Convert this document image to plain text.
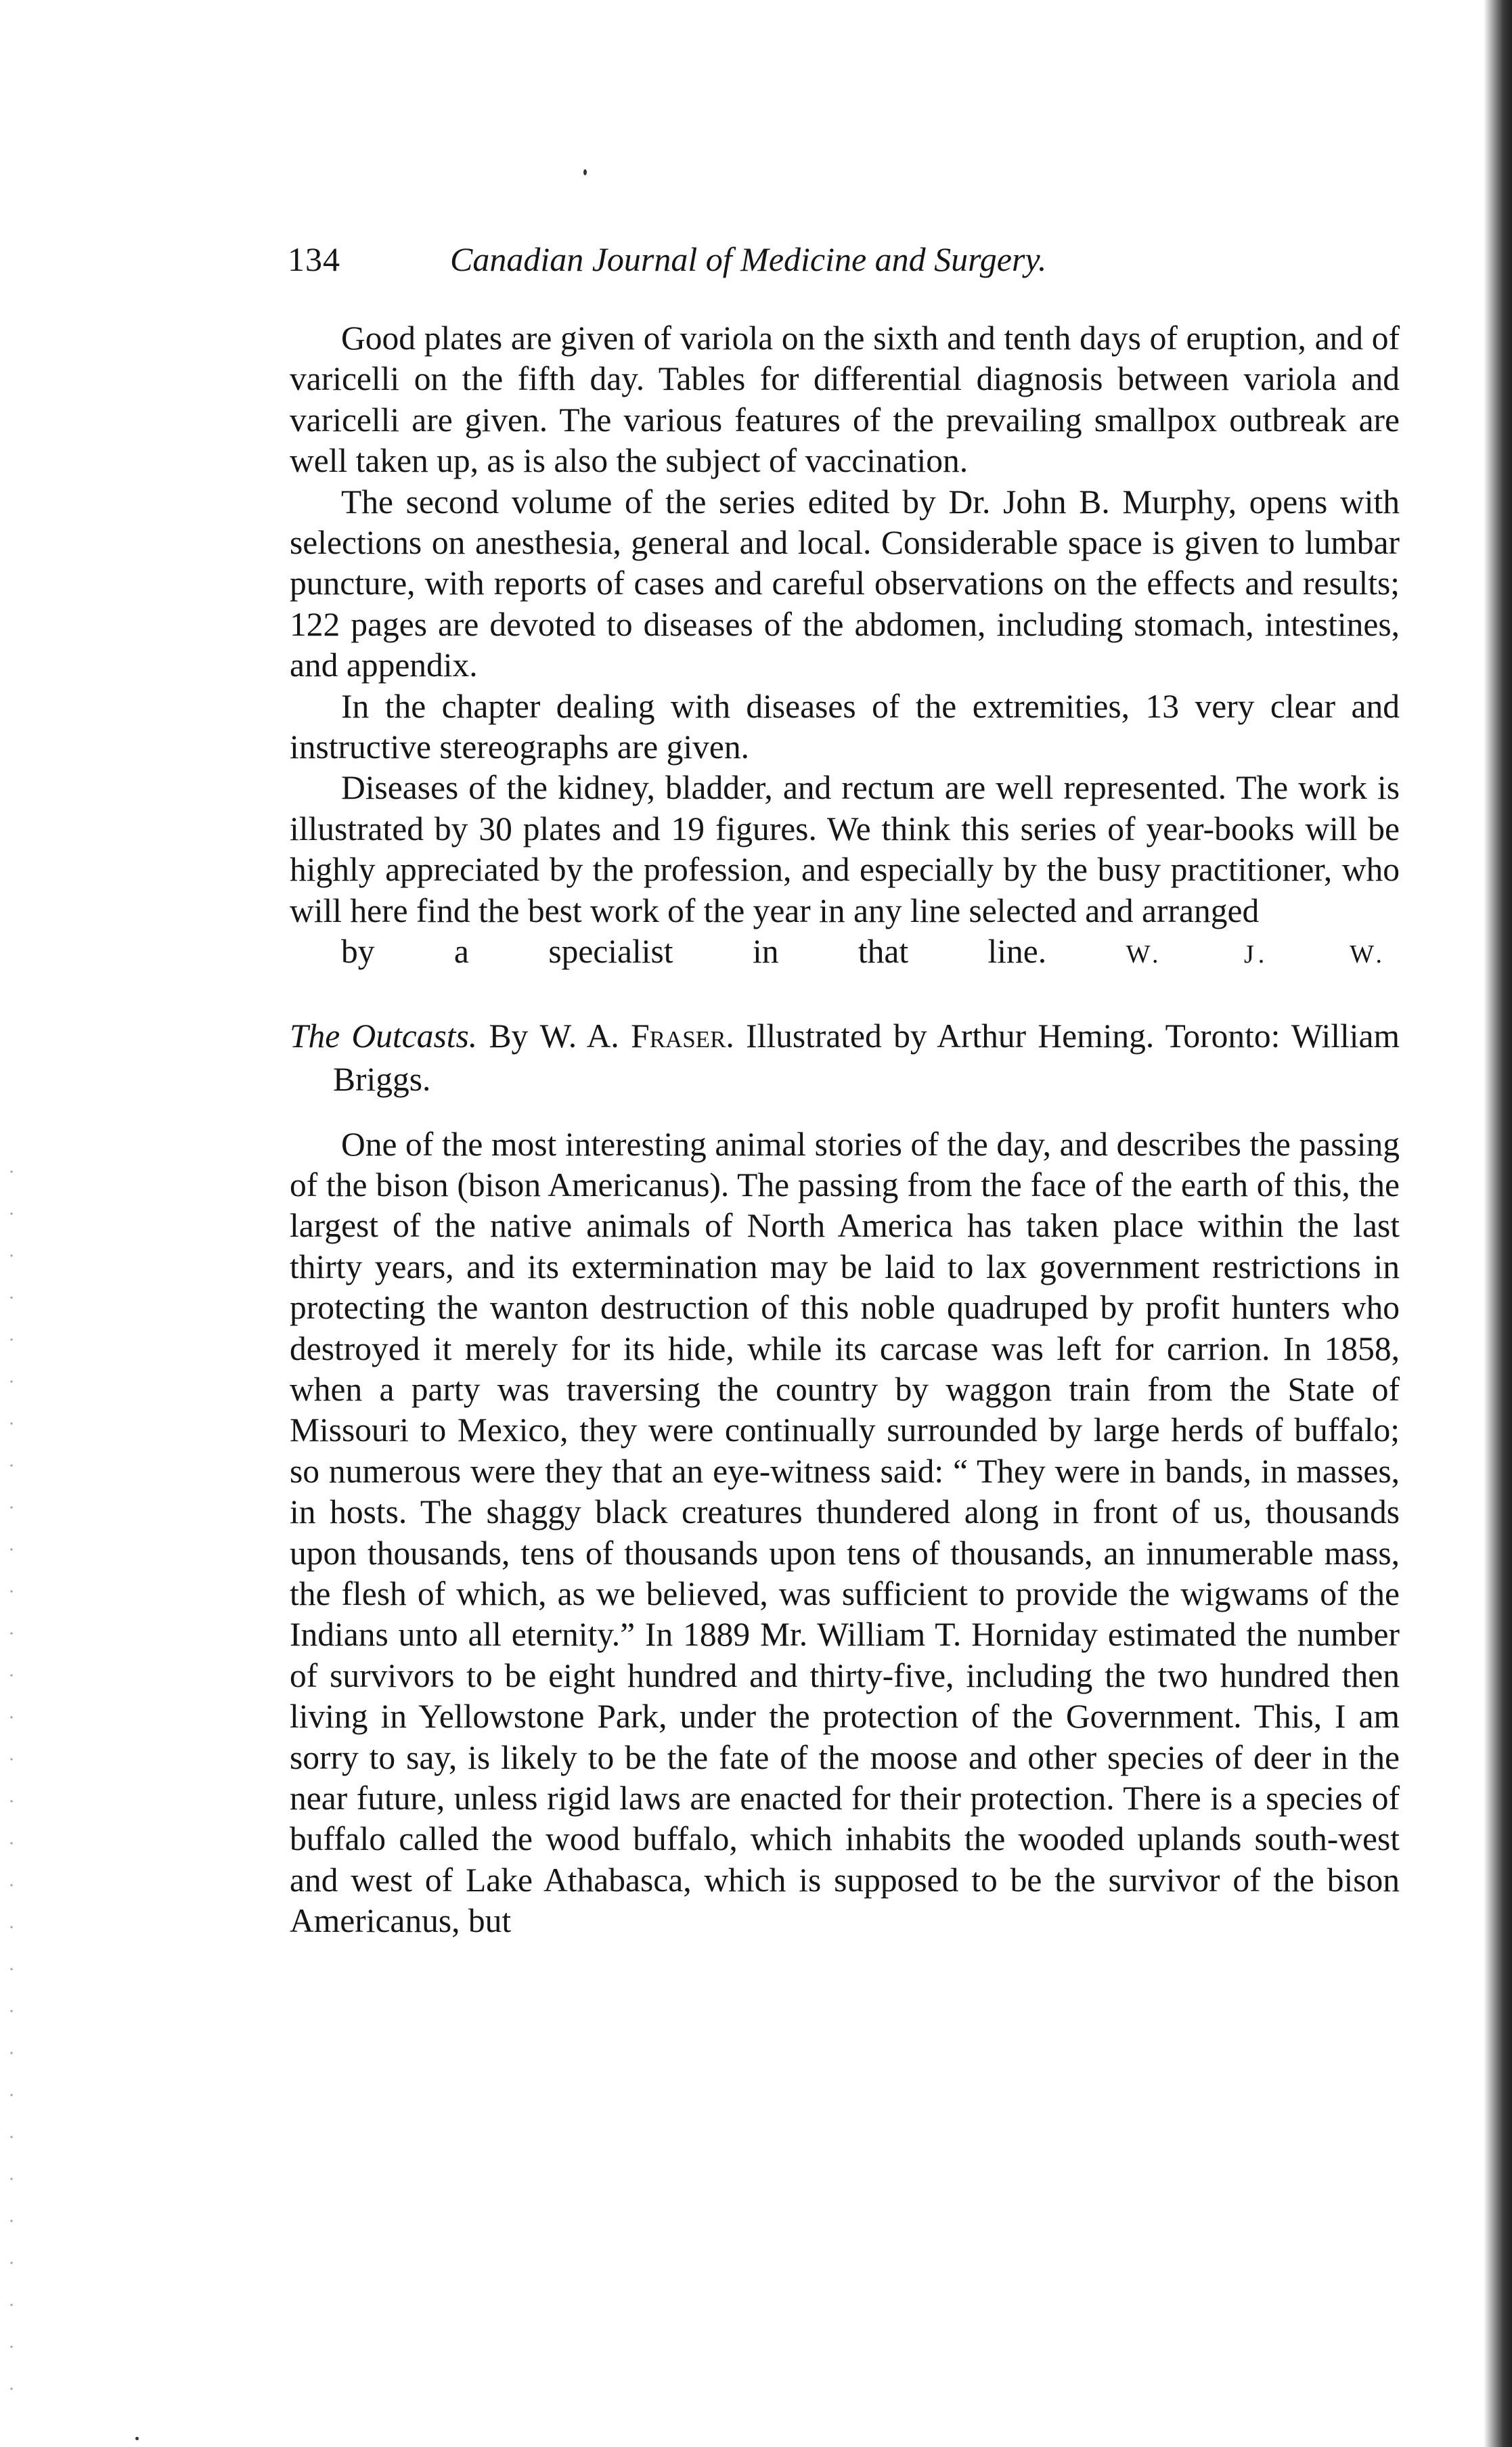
134	Canadian Journal of Medicine and Surgery.

Good plates are given of variola on the sixth and tenth days of eruption, and of varicelli on the fifth day. Tables for differential diagnosis between variola and varicelli are given. The various features of the prevailing smallpox outbreak are well taken up, as is also the subject of vaccination.

The second volume of the series edited by Dr. John B. Murphy, opens with selections on anesthesia, general and local. Considerable space is given to lumbar puncture, with reports of cases and careful observations on the effects and results; 122 pages are devoted to diseases of the abdomen, including stomach, intestines, and appendix.

In the chapter dealing with diseases of the extremities, 13 very clear and instructive stereographs are given.

Diseases of the kidney, bladder, and rectum are well represented. The work is illustrated by 30 plates and 19 figures. We think this series of year-books will be highly appreciated by the profession, and especially by the busy practitioner, who will here find the best work of the year in any line selected and arranged
by a specialist in that line.	W. J. W.

The Outcasts. By W. A. Fraser. Illustrated by Arthur Heming. Toronto: William Briggs.

One of the most interesting animal stories of the day, and describes the passing of the bison (bison Americanus). The passing from the face of the earth of this, the largest of the native animals of North America has taken place within the last thirty years, and its extermination may be laid to lax government restrictions in protecting the wanton destruction of this noble quadruped by profit hunters who destroyed it merely for its hide, while its carcase was left for carrion. In 1858, when a party was traversing the country by waggon train from the State of Missouri to Mexico, they were continually surrounded by large herds of buffalo; so numerous were they that an eye-witness said: “ They were in bands, in masses, in hosts. The shaggy black creatures thundered along in front of us, thousands upon thousands, tens of thousands upon tens of thousands, an innumerable mass, the flesh of which, as we believed, was sufficient to provide the wigwams of the Indians unto all eternity.” In 1889 Mr. William T. Horniday estimated the number of survivors to be eight hundred and thirty-five, including the two hundred then living in Yellowstone Park, under the protection of the Government. This, I am sorry to say, is likely to be the fate of the moose and other species of deer in the near future, unless rigid laws are enacted for their protection. There is a species of buffalo called the wood buffalo, which inhabits the wooded uplands south-west and west of Lake Athabasca, which is supposed to be the survivor of the bison Americanus, but
